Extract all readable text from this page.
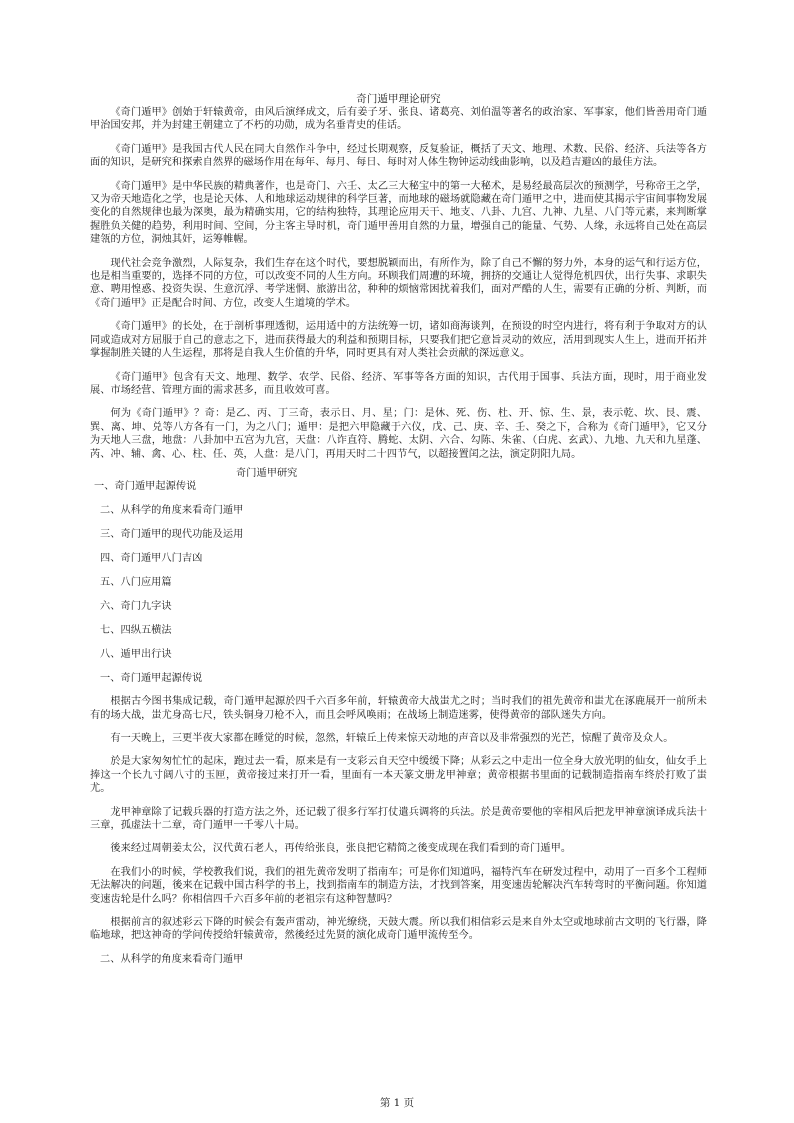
奇门遁甲理论研究

《奇门遁甲》创始于轩辕黄帝，由风后演绎成文，后有姜子牙、张良、诸葛亮、刘伯温等著名的政治家、军事家，他们皆善用奇门遁甲治国安邦，并为封建王朝建立了不朽的功勋，成为名垂青史的佳话。

《奇门遁甲》是我国古代人民在同大自然作斗争中，经过长期观察，反复验证，概括了天文、地理、术数、民俗、经济、兵法等各方面的知识，是研究和探索自然界的磁场作用在每年、每月、每日、每时对人体生物钟运动线曲影响，以及趋吉避凶的最佳方法。

《奇门遁甲》是中华民族的精典著作，也是奇门、六壬、太乙三大秘宝中的第一大秘术，是易经最高层次的预测学，号称帝王之学，又为帝天地造化之学，也是论天体、人和地球运动规律的科学巨著，而地球的磁场就隐藏在奇门遁甲之中，进而使其揭示宇宙间事物发展变化的自然规律也最为深奥，最为精确实用，它的结构独特，其理论应用天干、地支、八卦、九宫、九神、九星、八门等元素，来判断掌握胜负关健的趋势，利用时间、空间，分主客主导时机，奇门遁甲善用自然的力量，增强自己的能量、气势、人缘，永远将自己处在高层建瓴的方位，洞烛其奸，运筹帷幄。

现代社会竞争激烈，人际复杂，我们生存在这个时代，要想脱颖而出，有所作为，除了自己不懈的努力外，本身的运气和行运方位，也是相当重要的，选择不同的方位，可以改变不同的人生方向。环顾我们周遭的环境，拥挤的交通让人觉得危机四伏，出行失事、求职失意、聘用惶惑、投资失误、生意沉浮、考学迷惘、旅游出岔，种种的烦恼常困扰着我们，面对严酷的人生，需要有正确的分析、判断，而《奇门遁甲》正是配合时间、方位，改变人生道境的学术。

《奇门遁甲》的长处，在于剖析事理透彻，运用适中的方法统筹一切，诸如商海谈判，在预设的时空内进行，将有利于争取对方的认同或造成对方屈服于自己的意志之下，进而获得最大的利益和预期目标，只要我们把它意旨灵动的效应，活用到现实人生上，进而开拓并掌握制胜关键的人生运程，那将是自我人生价值的升华，同时更具有对人类社会贡献的深远意义。

《奇门遁甲》包含有天文、地理、数学、农学、民俗、经济、军事等各方面的知识，古代用于国事、兵法方面，现时，用于商业发展、市场经营、管理方面的需求甚多，而且收效可喜。

何为《奇门遁甲》？奇：是乙、丙、丁三奇，表示日、月、星；门：是休、死、伤、杜、开、惊、生、景，表示乾、坎、艮、震、巽、离、坤、兑等八方各有一门，为之八门；遁甲：是把六甲隐藏于六仪，戊、己、庚、辛、壬、癸之下，合称为《奇门遁甲》，它又分为天地人三盘，地盘：八卦加中五宫为九宫，天盘：八诈直符、腾蛇、太阴、六合、勾陈、朱雀、（白虎、玄武）、九地、九天和九星蓬、芮、冲、辅、禽、心、柱、任、英，人盘：是八门，再用天时二十四节气，以超接置闰之法，演定阴阳九局。

奇门遁甲研究

一、奇门遁甲起源传说

二、从科学的角度来看奇门遁甲

三、奇门遁甲的现代功能及运用

四、奇门遁甲八门吉凶

五、八门应用篇

六、奇门九字诀

七、四纵五横法

八、遁甲出行诀

一、奇门遁甲起源传说

根据古今图书集成记载，奇门遁甲起源於四千六百多年前，轩辕黄帝大战蚩尤之时；当时我们的祖先黄帝和蚩尤在涿鹿展开一前所未有的场大战，蚩尤身高七尺，铁头铜身刀枪不入，而且会呼风唤雨；在战场上制造迷雾，使得黄帝的部队迷失方向。

有一天晚上，三更半夜大家都在睡觉的时候，忽然，轩辕丘上传来惊天动地的声音以及非常强烈的光芒，惊醒了黄帝及众人。

於是大家匆匆忙忙的起床，跑过去一看，原来是有一支彩云自天空中缓缓下降；从彩云之中走出一位全身大放光明的仙女，仙女手上捧这一个长九寸阔八寸的玉匣，黄帝接过来打开一看，里面有一本天篆文册龙甲神章；黄帝根据书里面的记载制造指南车终於打败了蚩尤。

龙甲神章除了记载兵器的打造方法之外，还记载了很多行军打仗遣兵调将的兵法。於是黄帝要他的宰相风后把龙甲神章演译成兵法十三章，孤虚法十二章，奇门遁甲一千零八十局。

後来经过周朝姜太公，汉代黄石老人，再传给张良，张良把它精简之後变成现在我们看到的奇门遁甲。

在我们小的时候，学校教我们说，我们的祖先黄帝发明了指南车；可是你们知道吗，福特汽车在研发过程中，动用了一百多个工程师无法解决的问题，後来在记载中国古科学的书上，找到指南车的制造方法，才找到答案，用变速齿轮解决汽车转弯时的平衡问题。你知道变速齿轮是什么吗？你相信四千六百多年前的老祖宗有这种智慧吗？

根据前言的叙述彩云下降的时候会有轰声雷动，神光缭绕，天鼓大震。所以我们相信彩云是来自外太空或地球前古文明的飞行器，降临地球，把这神奇的学问传授给轩辕黄帝，然後经过先贤的演化成奇门遁甲流传至今。

二、从科学的角度来看奇门遁甲

第 1 页
